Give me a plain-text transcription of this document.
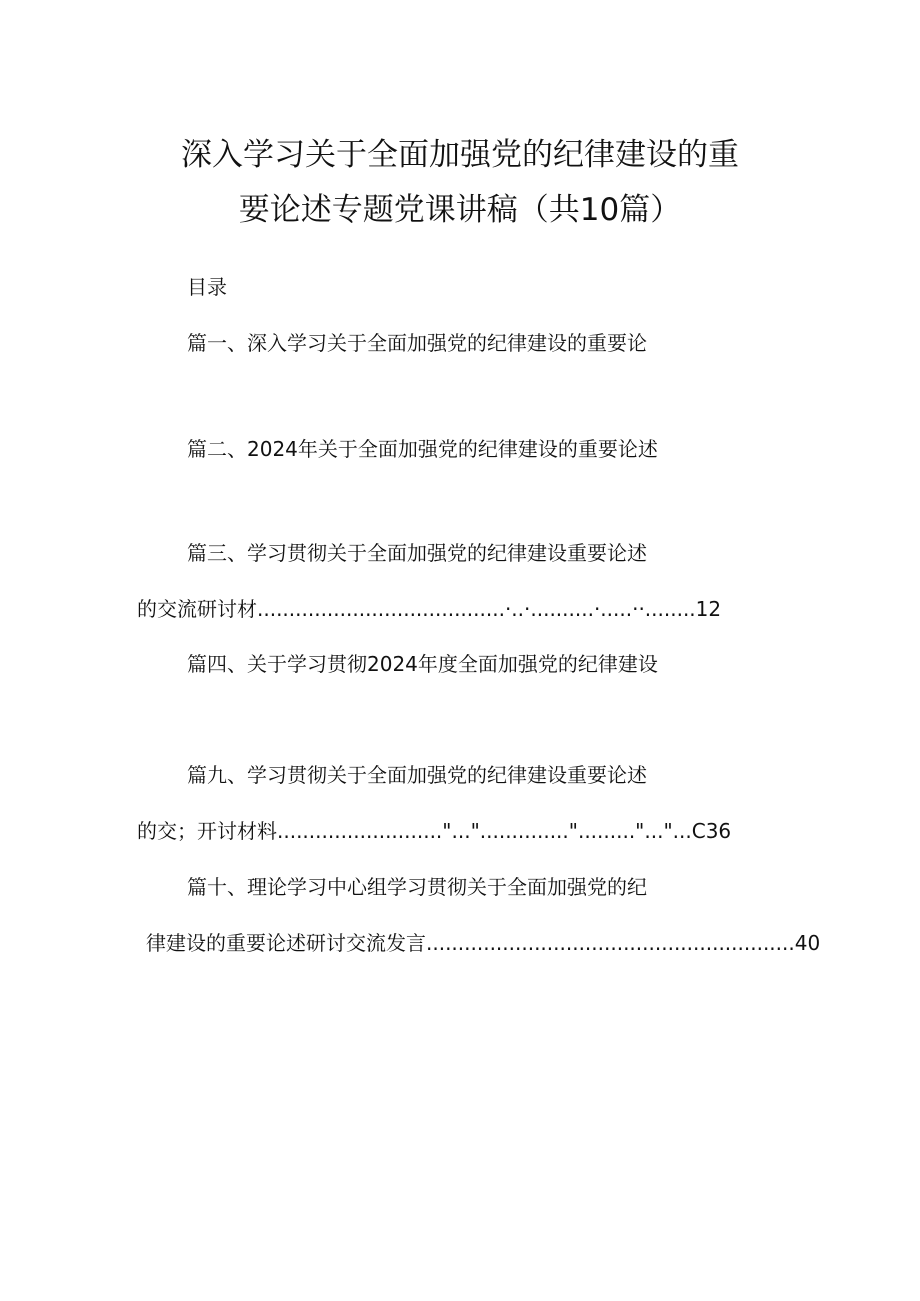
深入学习关于全面加强党的纪律建设的重
要论述专题党课讲稿（共10篇）
目录
篇一、深入学习关于全面加强党的纪律建设的重要论
篇二、2024年关于全面加强党的纪律建设的重要论述
篇三、学习贯彻关于全面加强党的纪律建设重要论述
的交流研讨材.......................................·..·..........·.....··........12
篇四、关于学习贯彻2024年度全面加强党的纪律建设
篇九、学习贯彻关于全面加强党的纪律建设重要论述
的交；开讨材料.........................."...".............."........."..."...C36
篇十、理论学习中心组学习贯彻关于全面加强党的纪
律建设的重要论述研讨交流发言..........................................................40
